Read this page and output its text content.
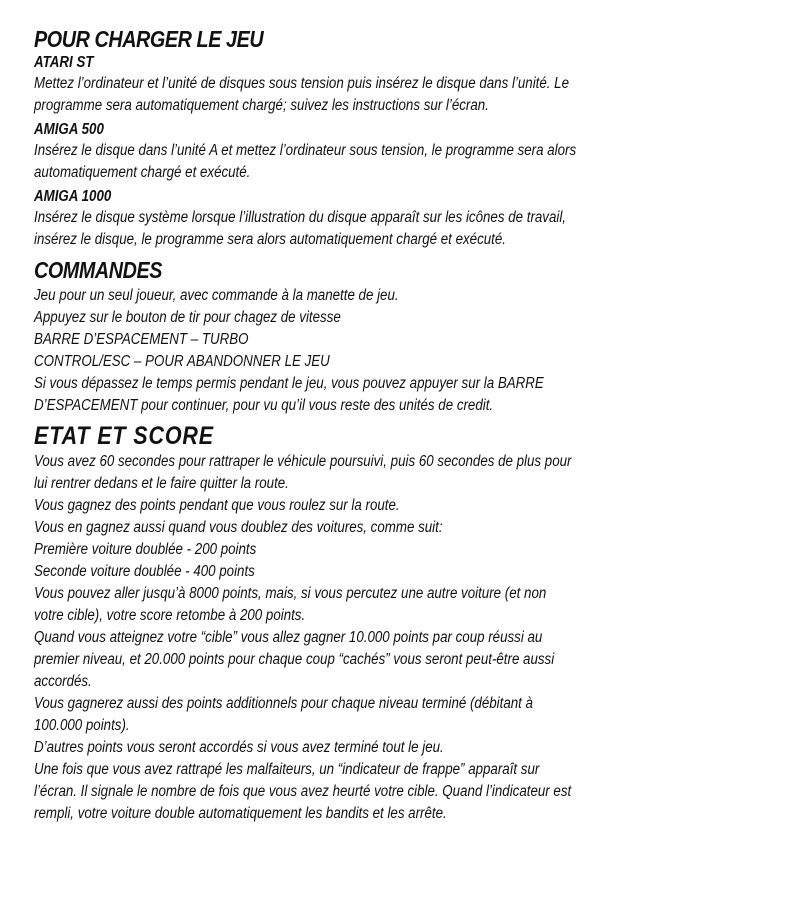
POUR CHARGER LE JEU
ATARI ST
Mettez l’ordinateur et l’unité de disques sous tension puis insérez le disque dans l’unité. Le
programme sera automatiquement chargé; suivez les instructions sur l’écran.
AMIGA 500
Insérez le disque dans l’unité A et mettez l’ordinateur sous tension, le programme sera alors
automatiquement chargé et exécuté.
AMIGA 1000
Insérez le disque système lorsque l’illustration du disque apparaît sur les icônes de travail,
insérez le disque, le programme sera alors automatiquement chargé et exécuté.
COMMANDES
Jeu pour un seul joueur, avec commande à la manette de jeu.
Appuyez sur le bouton de tir pour chagez de vitesse
BARRE D’ESPACEMENT – TURBO
CONTROL/ESC – POUR ABANDONNER LE JEU
Si vous dépassez le temps permis pendant le jeu, vous pouvez appuyer sur la BARRE
D’ESPACEMENT pour continuer, pour vu qu’il vous reste des unités de credit.
ETAT ET SCORE
Vous avez 60 secondes pour rattraper le véhicule poursuivi, puis 60 secondes de plus pour
lui rentrer dedans et le faire quitter la route.
Vous gagnez des points pendant que vous roulez sur la route.
Vous en gagnez aussi quand vous doublez des voitures, comme suit:
Première voiture doublée - 200 points
Seconde voiture doublée - 400 points
Vous pouvez aller jusqu’à 8000 points, mais, si vous percutez une autre voiture (et non
votre cible), votre score retombe à 200 points.
Quand vous atteignez votre “cible” vous allez gagner 10.000 points par coup réussi au
premier niveau, et 20.000 points pour chaque coup “cachés” vous seront peut-être aussi
accordés.
Vous gagnerez aussi des points additionnels pour chaque niveau terminé (débitant à
100.000 points).
D’autres points vous seront accordés si vous avez terminé tout le jeu.
Une fois que vous avez rattrapé les malfaiteurs, un “indicateur de frappe” apparaît sur
l’écran. Il signale le nombre de fois que vous avez heurté votre cible. Quand l’indicateur est
rempli, votre voiture double automatiquement les bandits et les arrête.
